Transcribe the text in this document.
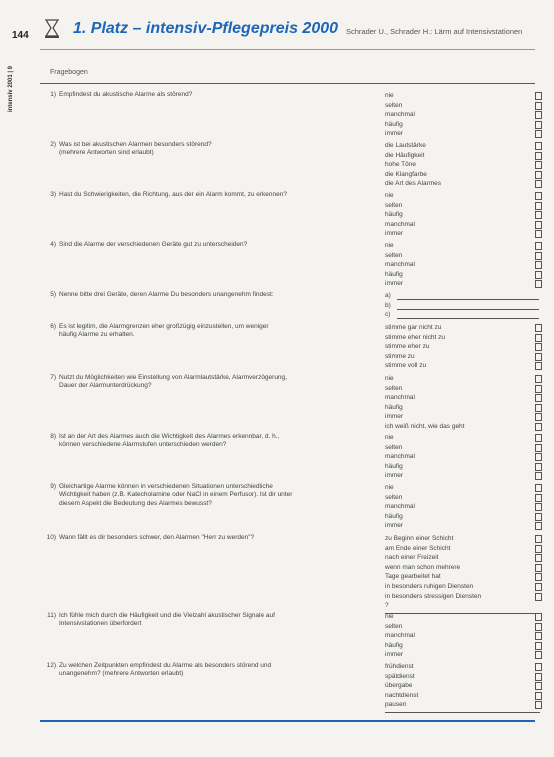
144	1. Platz – intensiv-Pflegepreis 2000 Schrader U., Schrader H.: Lärm auf Intensivstationen
intensiv 2001 | 9	Fragebogen
1) Empfindest du akustische Alarme als störend?	nie
selten
manchmal
häufig
immer
2) Was ist bei akustischen Alarmen besonders störend?
(mehrere Antworten sind erlaubt)
die Lautstärke
die Häufigkeit
hohe Töne
die Klangfarbe
die Art des Alarmes
3) Hast du Schwierigkeiten, die Richtung, aus der ein Alarm kommt, zu erkennen?	nie
selten
häufig
manchmal
immer
4) Sind die Alarme der verschiedenen Geräte gut zu unterscheiden?	nie
selten
manchmal
häufig
immer
5) Nenne bitte drei Geräte, deren Alarme Du besonders unangenehm findest:	a)
b)
c)
6) Es ist legitim, die Alarmgrenzen eher großzügig einzustellen, um weniger
häufig Alarme zu erhalten.
stimme gar nicht zu
stimme eher nicht zu
stimme eher zu
stimme zu
stimme voll zu
7) Nutzt du Möglichkeiten wie Einstellung von Alarmlautstärke, Alarmverzögerung,
Dauer der Alarmunterdrückung?
nie
selten
manchmal
häufig
immer
ich weiß nicht, wie das geht
8) Ist an der Art des Alarmes auch die Wichtigkeit des Alarmes erkennbar, d. h.,
können verschiedene Alarmstufen unterschieden werden?
nie
selten
manchmal
häufig
immer
9) Gleichartige Alarme können in verschiedenen Situationen unterschiedliche
Wichtigkeit haben (z.B. Katecholamine oder NaCl in einem Perfusor). Ist dir unter
diesem Aspekt die Bedeutung des Alarmes bewusst?
nie
selten
manchmal
häufig
immer
10) Wann fällt es dir besonders schwer, den Alarmen "Herr zu werden"?	zu Beginn einer Schicht
am Ende einer Schicht
nach einer Freizeit
wenn man schon mehrere
Tage gearbeitet hat
in besonders ruhigen Diensten
in besonders stressigen Diensten
?
11) Ich fühle mich durch die Häufigkeit und die Vielzahl akustischer Signale auf
Intensivstationen überfordert
nie
selten
manchmal
häufig
immer
12) Zu welchen Zeitpunkten empfindest du Alarme als besonders störend und
unangenehm? (mehrere Antworten erlaubt)
frühdienst
spätdienst
übergabe
nachtdienst
pausen
